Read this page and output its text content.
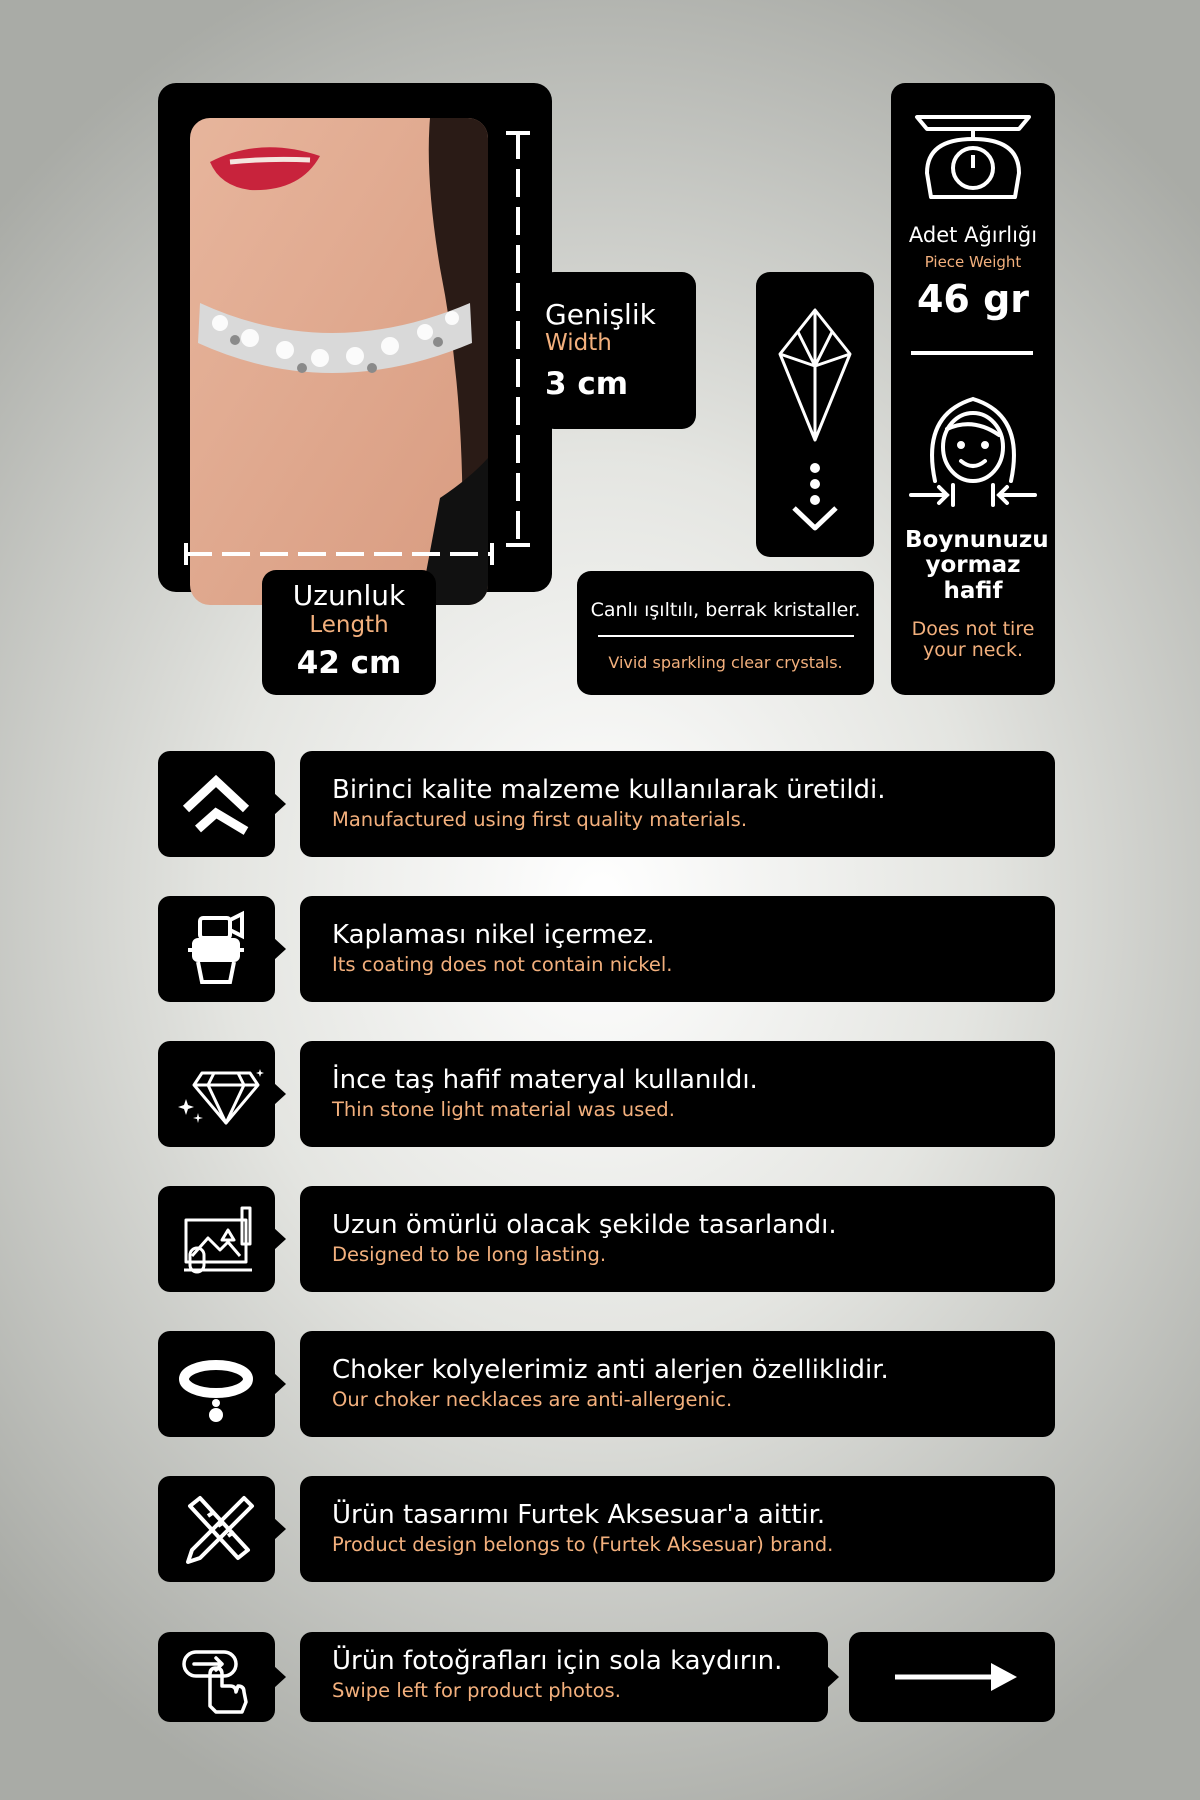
Genişlik
Width
3 cm
Uzunluk
Length
42 cm
Canlı ışıltılı, berrak kristaller.
Vivid sparkling clear crystals.
Adet Ağırlığı
Piece Weight
46 gr
Boynunuzu yormaz hafif
Does not tire your neck.
Birinci kalite malzeme kullanılarak üretildi.
Manufactured using first quality materials.
Kaplaması nikel içermez.
Its coating does not contain nickel.
İnce taş hafif materyal kullanıldı.
Thin stone light material was used.
Uzun ömürlü olacak şekilde tasarlandı.
Designed to be long lasting.
Choker kolyelerimiz anti alerjen özelliklidir.
Our choker necklaces are anti-allergenic.
Ürün tasarımı Furtek Aksesuar'a aittir.
Product design belongs to (Furtek Aksesuar) brand.
Ürün fotoğrafları için sola kaydırın.
Swipe left for product photos.
